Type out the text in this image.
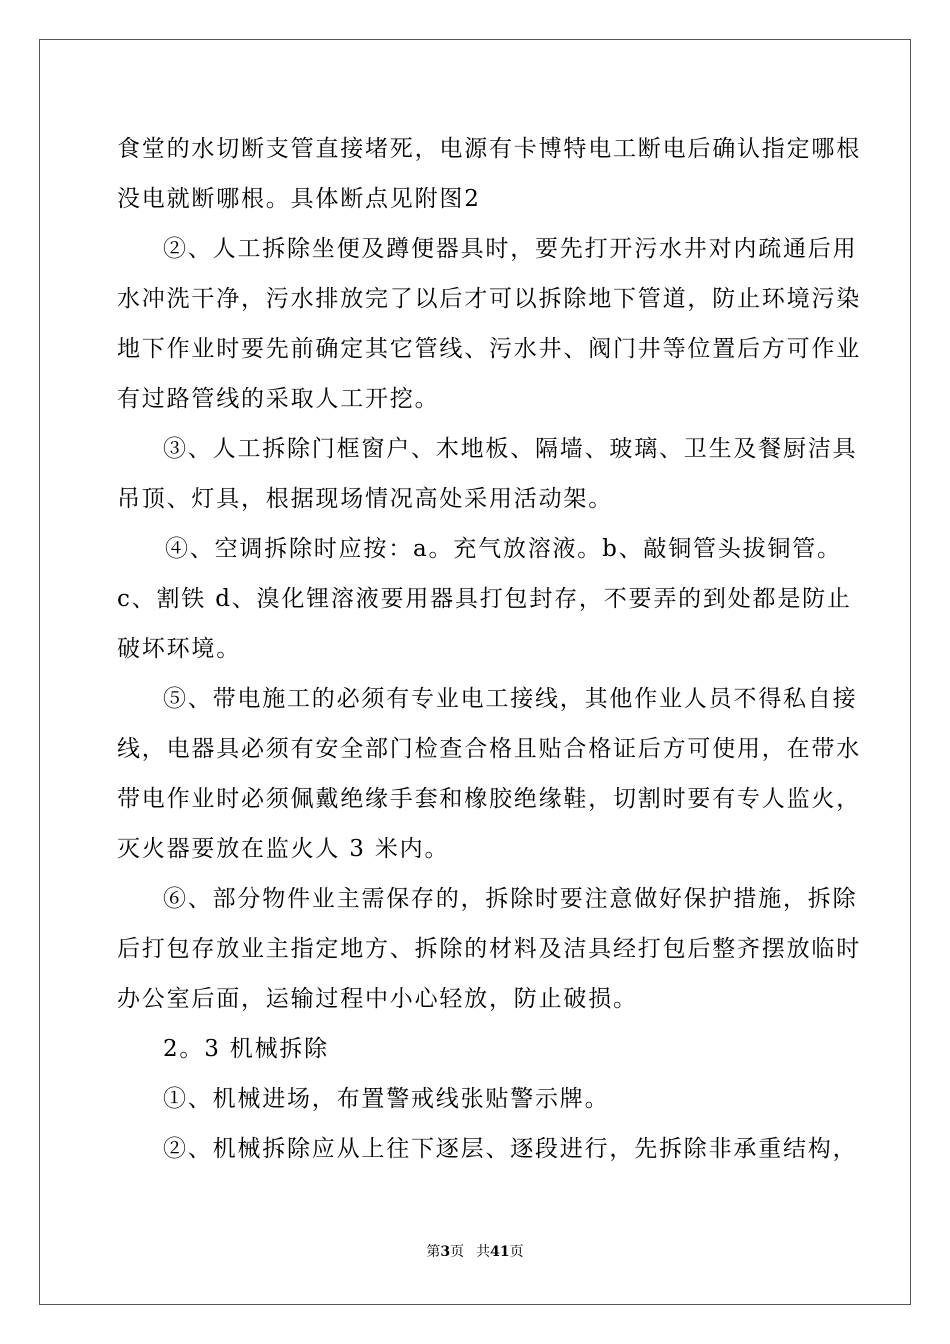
食堂的水切断支管直接堵死，电源有卡博特电工断电后确认指定哪根
没电就断哪根。具体断点见附图2
②、人工拆除坐便及蹲便器具时，要先打开污水井对内疏通后用
水冲洗干净，污水排放完了以后才可以拆除地下管道，防止环境污染
地下作业时要先前确定其它管线、污水井、阀门井等位置后方可作业
有过路管线的采取人工开挖。
③、人工拆除门框窗户、木地板、隔墙、玻璃、卫生及餐厨洁具
吊顶、灯具，根据现场情况高处采用活动架。
④、空调拆除时应按：a。充气放溶液。b、敲铜管头拔铜管。
c、割铁 d、溴化锂溶液要用器具打包封存，不要弄的到处都是防止
破坏环境。
⑤、带电施工的必须有专业电工接线，其他作业人员不得私自接
线，电器具必须有安全部门检查合格且贴合格证后方可使用，在带水
带电作业时必须佩戴绝缘手套和橡胶绝缘鞋，切割时要有专人监火，
灭火器要放在监火人 3 米内。
⑥、部分物件业主需保存的，拆除时要注意做好保护措施，拆除
后打包存放业主指定地方、拆除的材料及洁具经打包后整齐摆放临时
办公室后面，运输过程中小心轻放，防止破损。
2。3 机械拆除
①、机械进场，布置警戒线张贴警示牌。
②、机械拆除应从上往下逐层、逐段进行，先拆除非承重结构，
第3页 共41页
